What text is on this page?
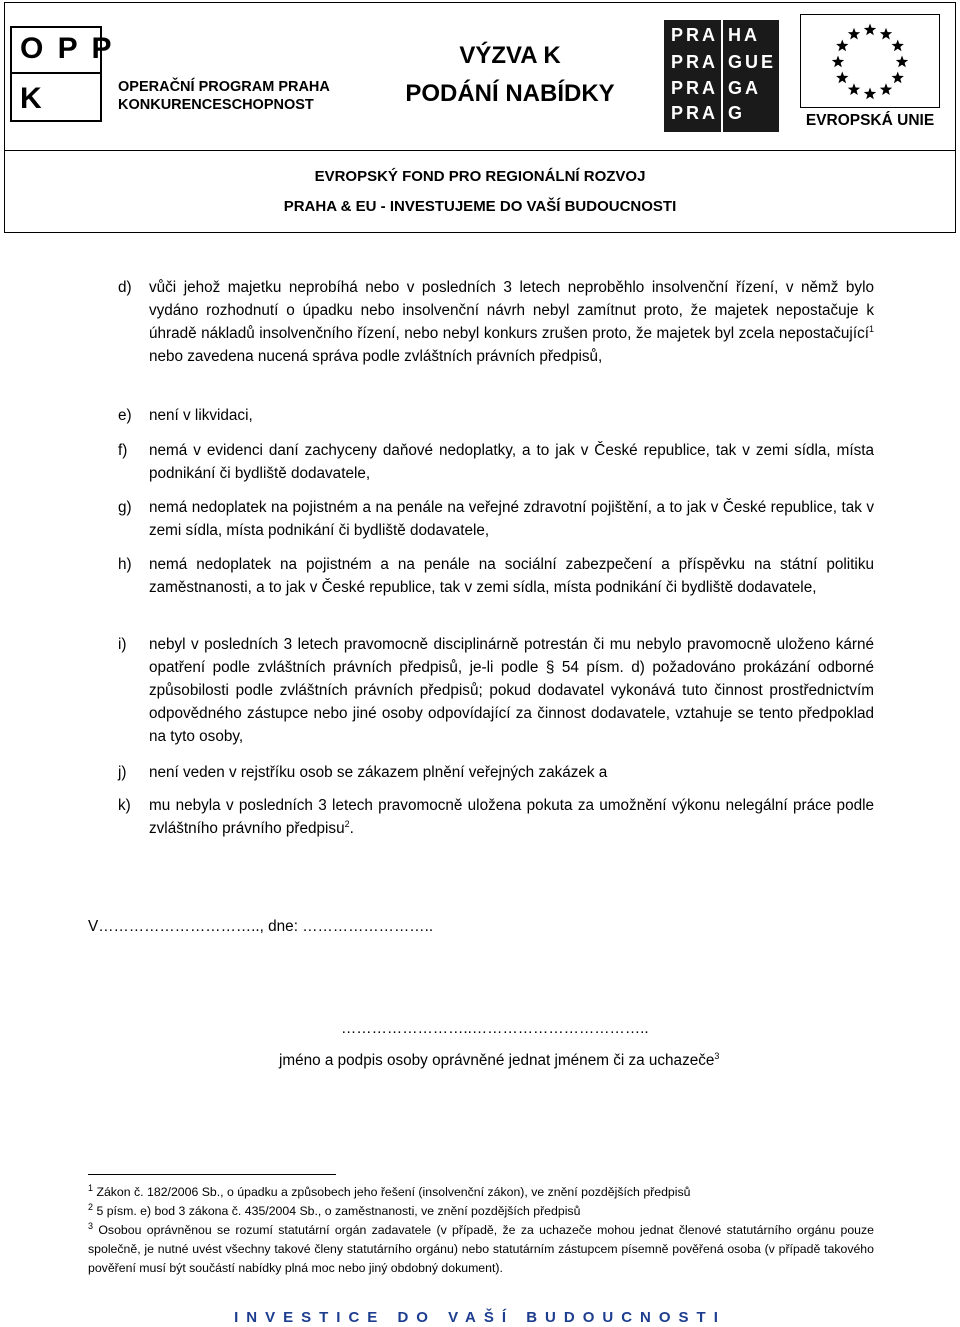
O P P
K	OPERAČNÍ PROGRAM PRAHA
KONKURENCESCHOPNOST
VÝZVA K
PODÁNÍ NABÍDKY
PRA HA
PRA GUE
PRA GA
PRA G	EVROPSKÁ UNIE
EVROPSKÝ FOND PRO REGIONÁLNÍ ROZVOJ
PRAHA & EU - INVESTUJEME DO VAŠÍ BUDOUCNOSTI
d) vůči jehož majetku neprobíhá nebo v posledních 3 letech neproběhlo insolvenční řízení, v němž bylo vydáno rozhodnutí o úpadku nebo insolvenční návrh nebyl zamítnut proto, že majetek nepostačuje k úhradě nákladů insolvenčního řízení, nebo nebyl konkurs zrušen proto, že majetek byl zcela nepostačující$^1$ nebo zavedena nucená správa podle zvláštních právních předpisů,
e) není v likvidaci,
f) nemá v evidenci daní zachyceny daňové nedoplatky, a to jak v České republice, tak v zemi sídla, místa podnikání či bydliště dodavatele,
g) nemá nedoplatek na pojistném a na penále na veřejné zdravotní pojištění, a to jak v České republice, tak v zemi sídla, místa podnikání či bydliště dodavatele,
h) nemá nedoplatek na pojistném a na penále na sociální zabezpečení a příspěvku na státní politiku zaměstnanosti, a to jak v České republice, tak v zemi sídla, místa podnikání či bydliště dodavatele,
i) nebyl v posledních 3 letech pravomocně disciplinárně potrestán či mu nebylo pravomocně uloženo kárné opatření podle zvláštních právních předpisů, je-li podle § 54 písm. d) požadováno prokázání odborné způsobilosti podle zvláštních právních předpisů; pokud dodavatel vykonává tuto činnost prostřednictvím odpovědného zástupce nebo jiné osoby odpovídající za činnost dodavatele, vztahuje se tento předpoklad na tyto osoby,
j) není veden v rejstříku osob se zákazem plnění veřejných zakázek a
k) mu nebyla v posledních 3 letech pravomocně uložena pokuta za umožnění výkonu nelegální práce podle zvláštního právního předpisu$^2$.
V………………………….., dne: ……………………..
……………………..……………………………..
jméno a podpis osoby oprávněné jednat jménem či za uchazeče$^3$
$^1$ Zákon č. 182/2006 Sb., o úpadku a způsobech jeho řešení (insolvenční zákon), ve znění pozdějších předpisů
$^2$ 5 písm. e) bod 3 zákona č. 435/2004 Sb., o zaměstnanosti, ve znění pozdějších předpisů
$^3$ Osobou oprávněnou se rozumí statutární orgán zadavatele (v případě, že za uchazeče mohou jednat členové statutárního orgánu pouze společně, je nutné uvést všechny takové členy statutárního orgánu) nebo statutárním zástupcem písemně pověřená osoba (v případě takového pověření musí být součástí nabídky plná moc nebo jiný obdobný dokument).
INVESTICE DO VAŠÍ BUDOUCNOSTI
